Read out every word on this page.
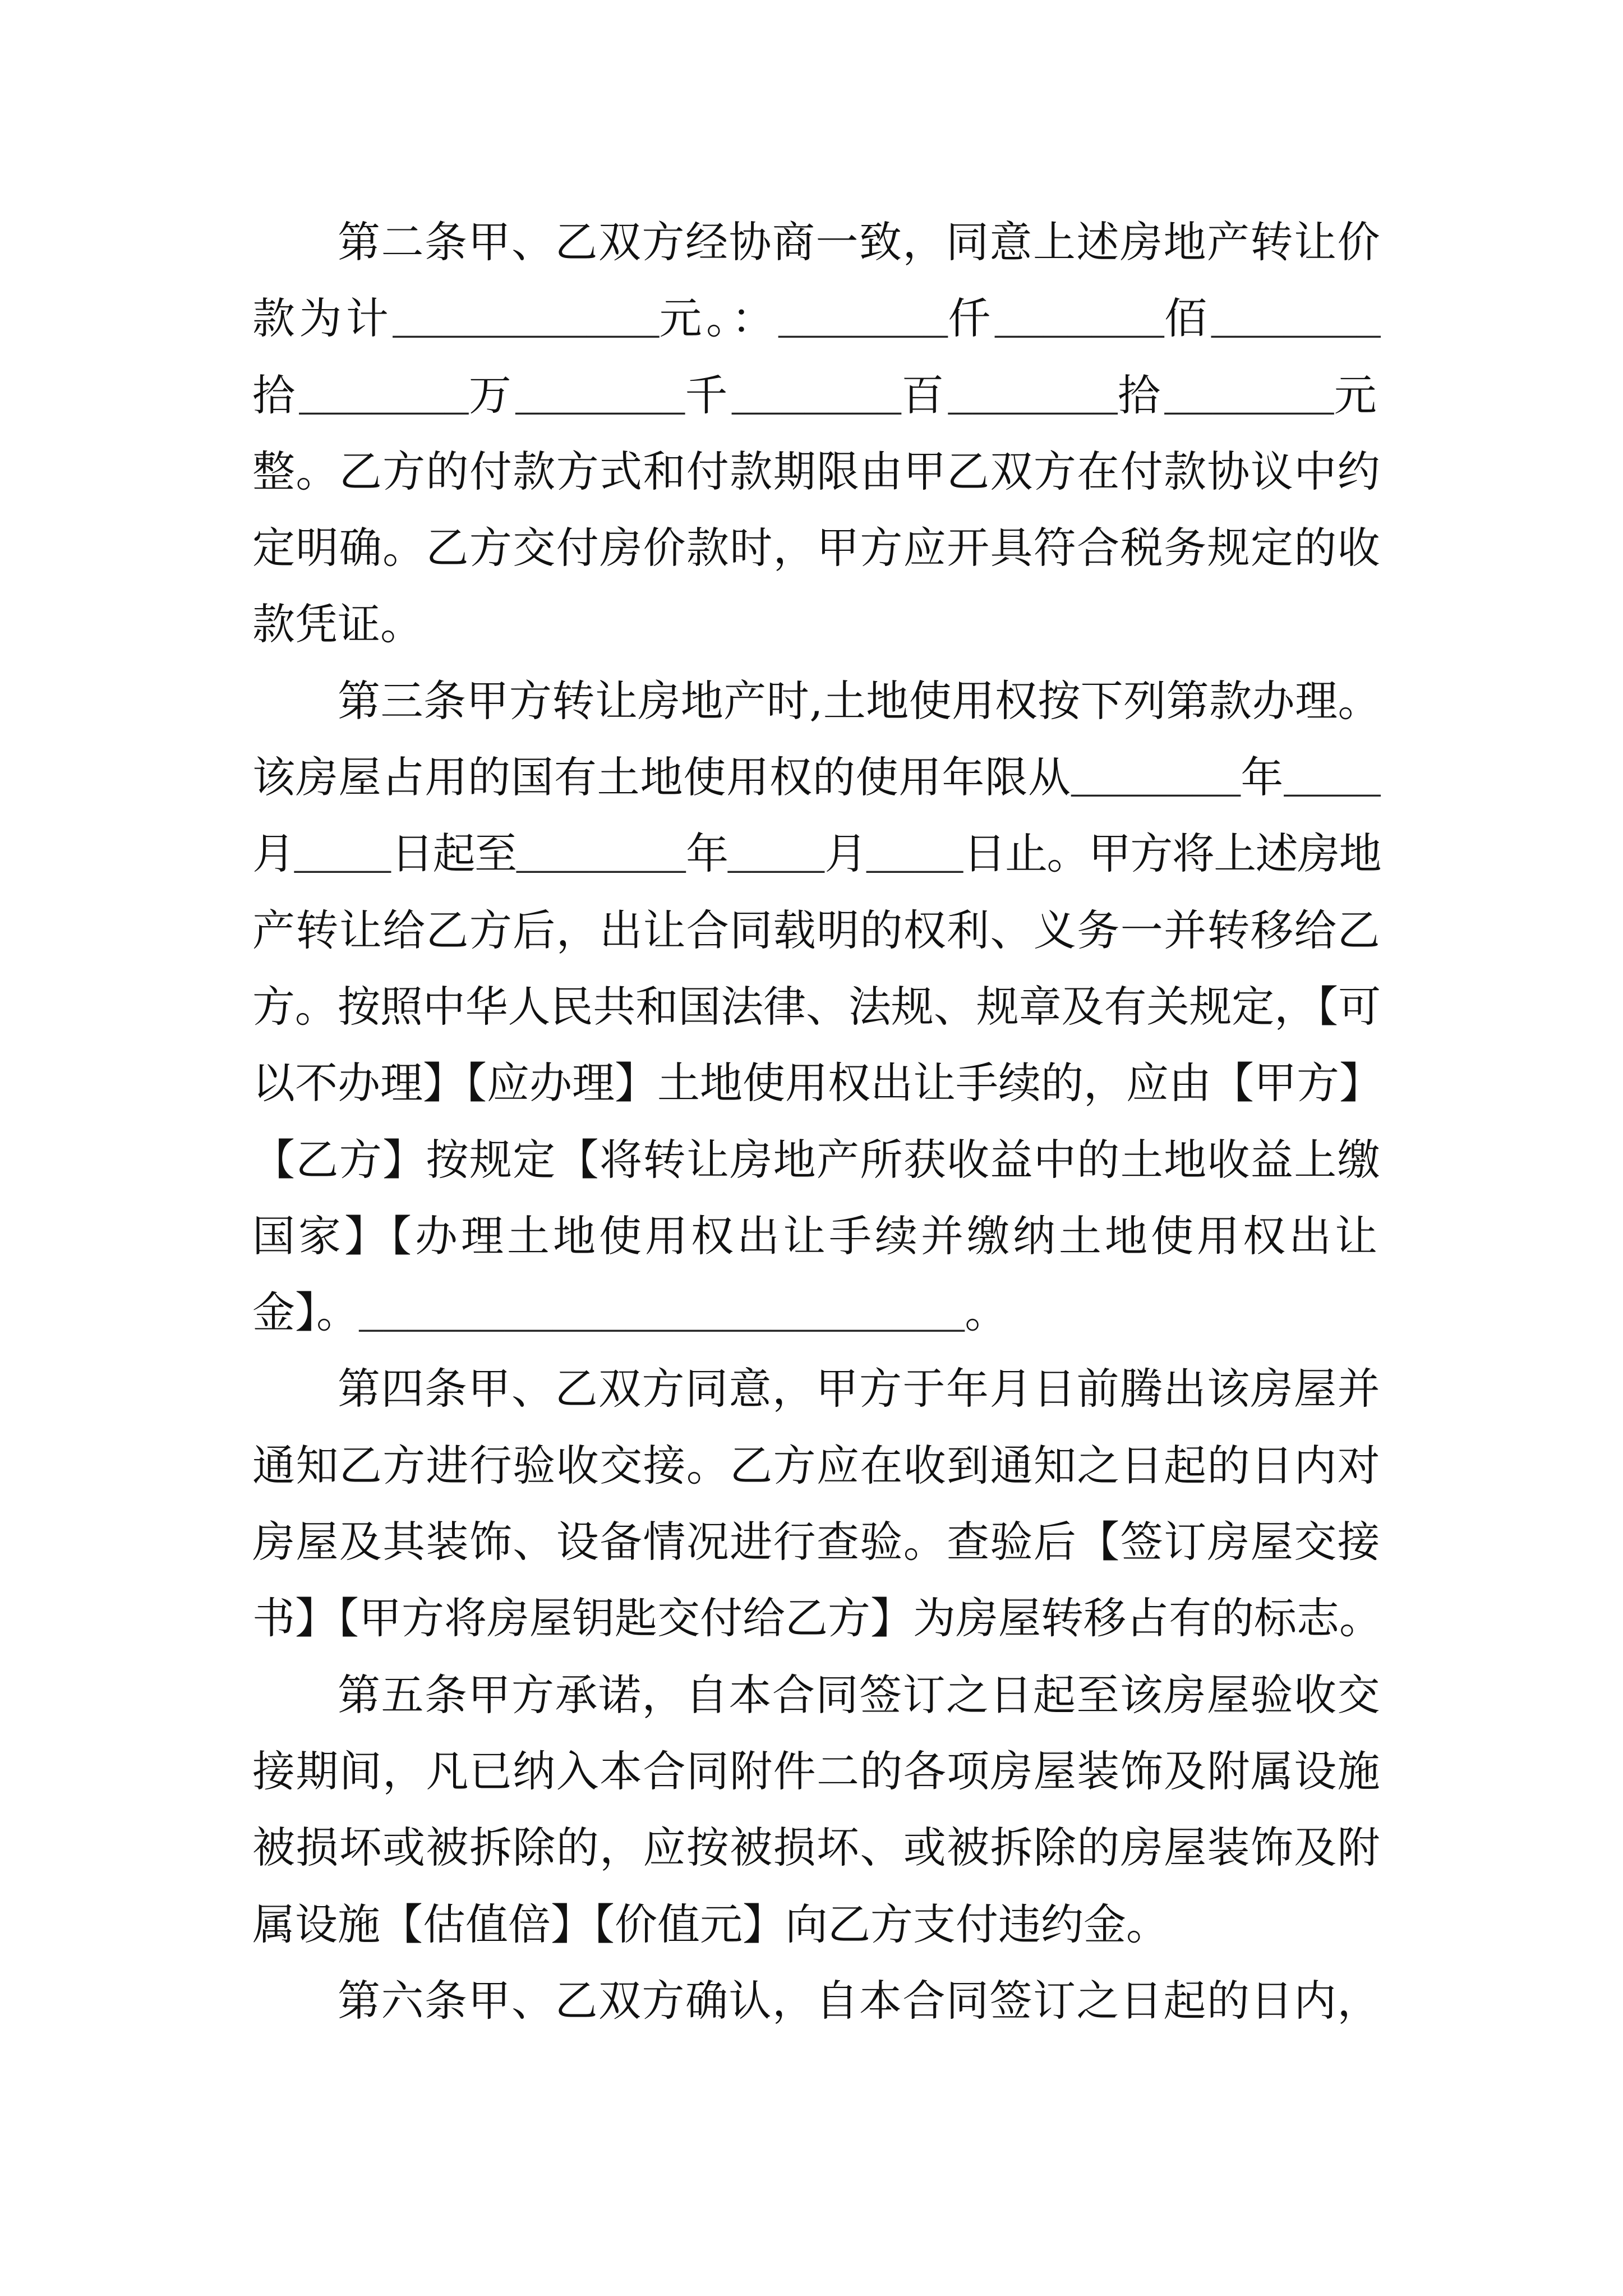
第二条甲、乙双方经协商一致，同意上述房地产转让价
款为计___________元。：_______仟_______佰_______
拾_______万_______千_______百_______拾_______元
整。乙方的付款方式和付款期限由甲乙双方在付款协议中约
定明确。乙方交付房价款时，甲方应开具符合税务规定的收
款凭证。
第三条甲方转让房地产时,土地使用权按下列第款办理。
该房屋占用的国有土地使用权的使用年限从_______年____
月____日起至_______年____月____日止。甲方将上述房地
产转让给乙方后，出让合同载明的权利、义务一并转移给乙
方。按照中华人民共和国法律、法规、规章及有关规定，【可
以不办理】【应办理】土地使用权出让手续的，应由【甲方】
【乙方】按规定【将转让房地产所获收益中的土地收益上缴
国家】【办理土地使用权出让手续并缴纳土地使用权出让
金】。_________________________。
第四条甲、乙双方同意，甲方于年月日前腾出该房屋并
通知乙方进行验收交接。乙方应在收到通知之日起的日内对
房屋及其装饰、设备情况进行查验。查验后【签订房屋交接
书】【甲方将房屋钥匙交付给乙方】为房屋转移占有的标志。
第五条甲方承诺，自本合同签订之日起至该房屋验收交
接期间，凡已纳入本合同附件二的各项房屋装饰及附属设施
被损坏或被拆除的，应按被损坏、或被拆除的房屋装饰及附
属设施【估值倍】【价值元】向乙方支付违约金。
第六条甲、乙双方确认，自本合同签订之日起的日内，
